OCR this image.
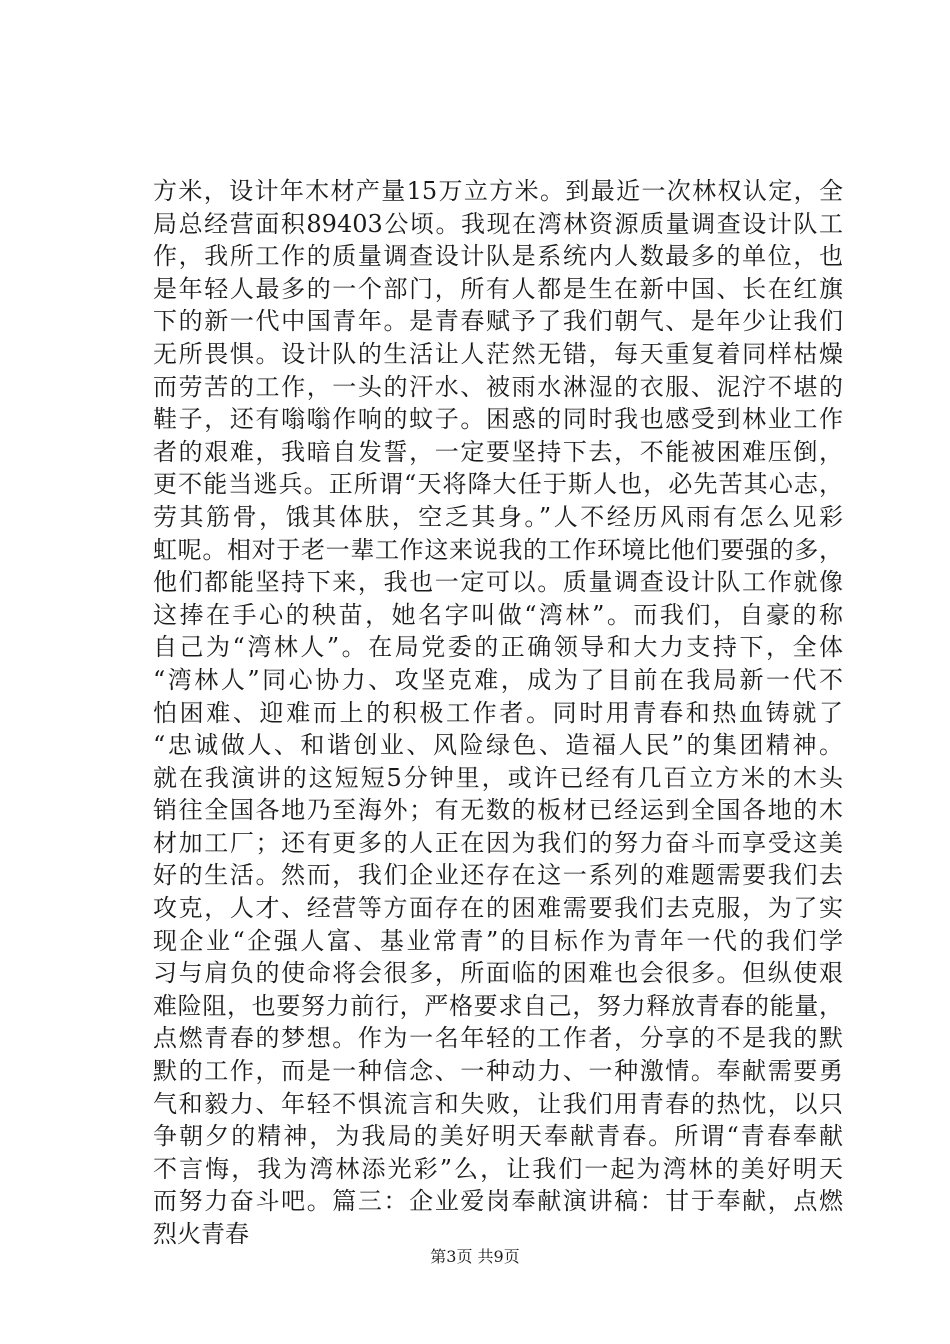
方米，设计年木材产量15万立方米。到最近一次林权认定，全
局总经营面积89403公顷。我现在湾林资源质量调查设计队工
作，我所工作的质量调查设计队是系统内人数最多的单位，也
是年轻人最多的一个部门，所有人都是生在新中国、长在红旗
下的新一代中国青年。是青春赋予了我们朝气、是年少让我们
无所畏惧。设计队的生活让人茫然无错，每天重复着同样枯燥
而劳苦的工作，一头的汗水、被雨水淋湿的衣服、泥泞不堪的
鞋子，还有嗡嗡作响的蚊子。困惑的同时我也感受到林业工作
者的艰难，我暗自发誓，一定要坚持下去，不能被困难压倒，
更不能当逃兵。正所谓“天将降大任于斯人也，必先苦其心志，
劳其筋骨，饿其体肤，空乏其身。”人不经历风雨有怎么见彩
虹呢。相对于老一辈工作这来说我的工作环境比他们要强的多，
他们都能坚持下来，我也一定可以。质量调查设计队工作就像
这捧在手心的秧苗，她名字叫做“湾林”。而我们，自豪的称
自己为“湾林人”。在局党委的正确领导和大力支持下，全体
“湾林人”同心协力、攻坚克难，成为了目前在我局新一代不
怕困难、迎难而上的积极工作者。同时用青春和热血铸就了
“忠诚做人、和谐创业、风险绿色、造福人民”的集团精神。
就在我演讲的这短短5分钟里，或许已经有几百立方米的木头
销往全国各地乃至海外；有无数的板材已经运到全国各地的木
材加工厂；还有更多的人正在因为我们的努力奋斗而享受这美
好的生活。然而，我们企业还存在这一系列的难题需要我们去
攻克，人才、经营等方面存在的困难需要我们去克服，为了实
现企业“企强人富、基业常青”的目标作为青年一代的我们学
习与肩负的使命将会很多，所面临的困难也会很多。但纵使艰
难险阻，也要努力前行，严格要求自己，努力释放青春的能量，
点燃青春的梦想。作为一名年轻的工作者，分享的不是我的默
默的工作，而是一种信念、一种动力、一种激情。奉献需要勇
气和毅力、年轻不惧流言和失败，让我们用青春的热忱，以只
争朝夕的精神，为我局的美好明天奉献青春。所谓“青春奉献
不言悔，我为湾林添光彩”么，让我们一起为湾林的美好明天
而努力奋斗吧。篇三：企业爱岗奉献演讲稿：甘于奉献，点燃
烈火青春
第3页 共9页
